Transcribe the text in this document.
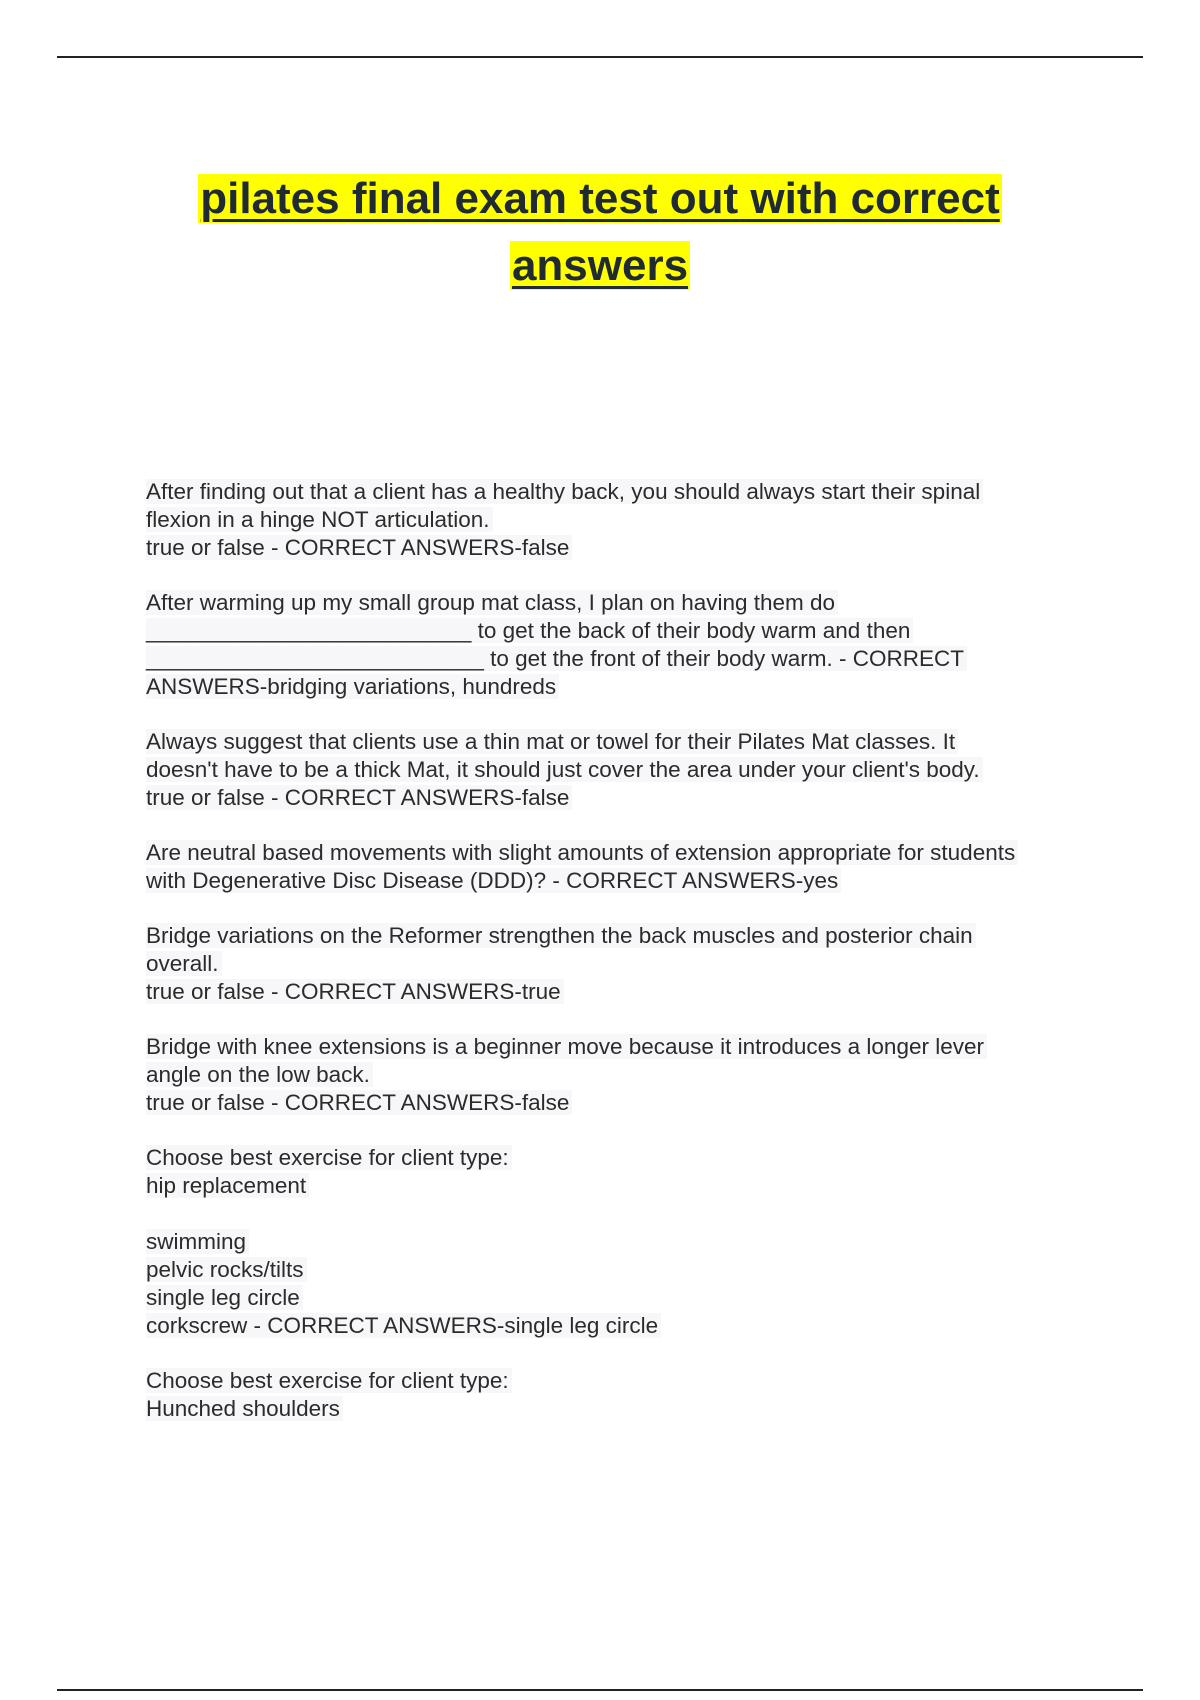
pilates final exam test out with correct
answers
After finding out that a client has a healthy back, you should always start their spinal
flexion in a hinge NOT articulation.
true or false - CORRECT ANSWERS-false
After warming up my small group mat class, I plan on having them do
__________________________ to get the back of their body warm and then
___________________________ to get the front of their body warm. - CORRECT
ANSWERS-bridging variations, hundreds
Always suggest that clients use a thin mat or towel for their Pilates Mat classes. It
doesn't have to be a thick Mat, it should just cover the area under your client's body.
true or false - CORRECT ANSWERS-false
Are neutral based movements with slight amounts of extension appropriate for students
with Degenerative Disc Disease (DDD)? - CORRECT ANSWERS-yes
Bridge variations on the Reformer strengthen the back muscles and posterior chain
overall.
true or false - CORRECT ANSWERS-true
Bridge with knee extensions is a beginner move because it introduces a longer lever
angle on the low back.
true or false - CORRECT ANSWERS-false
Choose best exercise for client type:
hip replacement
swimming
pelvic rocks/tilts
single leg circle
corkscrew - CORRECT ANSWERS-single leg circle
Choose best exercise for client type:
Hunched shoulders
